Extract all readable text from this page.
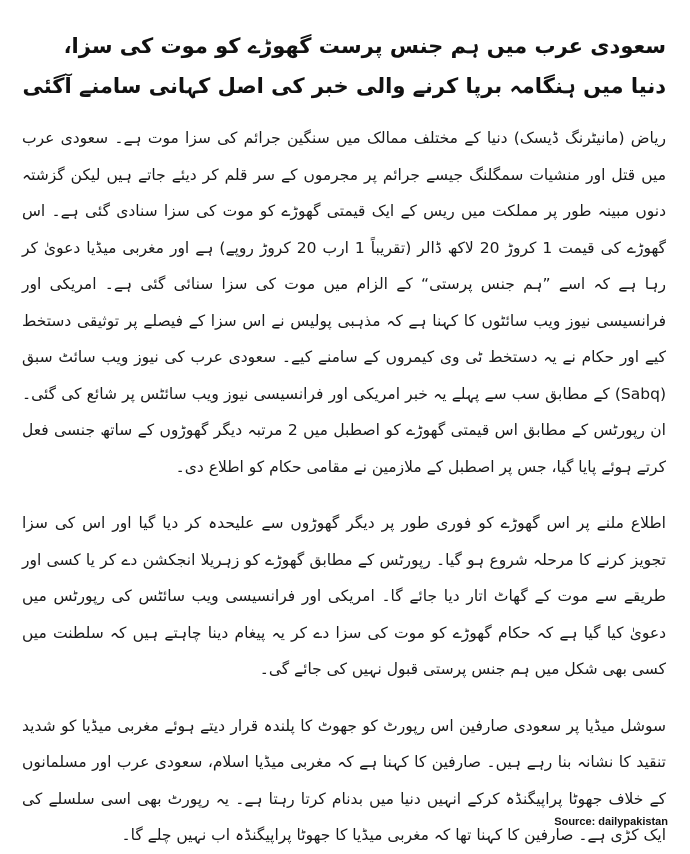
سعودی عرب میں ہم جنس پرست گھوڑے کو موت کی سزا، دنیا میں ہنگامہ برپا کرنے والی خبر کی اصل کہانی سامنے آگئی

ریاض (مانیٹرنگ ڈیسک) دنیا کے مختلف ممالک میں سنگین جرائم کی سزا موت ہے۔ سعودی عرب میں قتل اور منشیات سمگلنگ جیسے جرائم پر مجرموں کے سر قلم کر دیئے جاتے ہیں لیکن گزشتہ دنوں مبینہ طور پر مملکت میں ریس کے ایک قیمتی گھوڑے کو موت کی سزا سنادی گئی ہے۔ اس گھوڑے کی قیمت 1 کروڑ 20 لاکھ ڈالر (تقریباً 1 ارب 20 کروڑ روپے) ہے اور مغربی میڈیا دعویٰ کر رہا ہے کہ اسے ”ہم جنس پرستی“ کے الزام میں موت کی سزا سنائی گئی ہے۔ امریکی اور فرانسیسی نیوز ویب سائٹوں کا کہنا ہے کہ مذہبی پولیس نے اس سزا کے فیصلے پر توثیقی دستخط کیے اور حکام نے یہ دستخط ٹی وی کیمروں کے سامنے کیے۔ سعودی عرب کی نیوز ویب سائٹ سبق (Sabq) کے مطابق سب سے پہلے یہ خبر امریکی اور فرانسیسی نیوز ویب سائٹس پر شائع کی گئی۔ ان رپورٹس کے مطابق اس قیمتی گھوڑے کو اصطبل میں 2 مرتبہ دیگر گھوڑوں کے ساتھ جنسی فعل کرتے ہوئے پایا گیا، جس پر اصطبل کے ملازمین نے مقامی حکام کو اطلاع دی۔

اطلاع ملنے پر اس گھوڑے کو فوری طور پر دیگر گھوڑوں سے علیحدہ کر دیا گیا اور اس کی سزا تجویز کرنے کا مرحلہ شروع ہو گیا۔ رپورٹس کے مطابق گھوڑے کو زہریلا انجکشن دے کر یا کسی اور طریقے سے موت کے گھاٹ اتار دیا جائے گا۔ امریکی اور فرانسیسی ویب سائٹس کی رپورٹس میں دعویٰ کیا گیا ہے کہ حکام گھوڑے کو موت کی سزا دے کر یہ پیغام دینا چاہتے ہیں کہ سلطنت میں کسی بھی شکل میں ہم جنس پرستی قبول نہیں کی جائے گی۔

سوشل میڈیا پر سعودی صارفین اس رپورٹ کو جھوٹ کا پلندہ قرار دیتے ہوئے مغربی میڈیا کو شدید تنقید کا نشانہ بنا رہے ہیں۔ صارفین کا کہنا ہے کہ مغربی میڈیا اسلام، سعودی عرب اور مسلمانوں کے خلاف جھوٹا پراپیگنڈہ کرکے انہیں دنیا میں بدنام کرتا رہتا ہے۔ یہ رپورٹ بھی اسی سلسلے کی ایک کڑی ہے۔ صارفین کا کہنا تھا کہ مغربی میڈیا کا جھوٹا پراپیگنڈہ اب نہیں چلے گا۔

Source: dailypakistan
